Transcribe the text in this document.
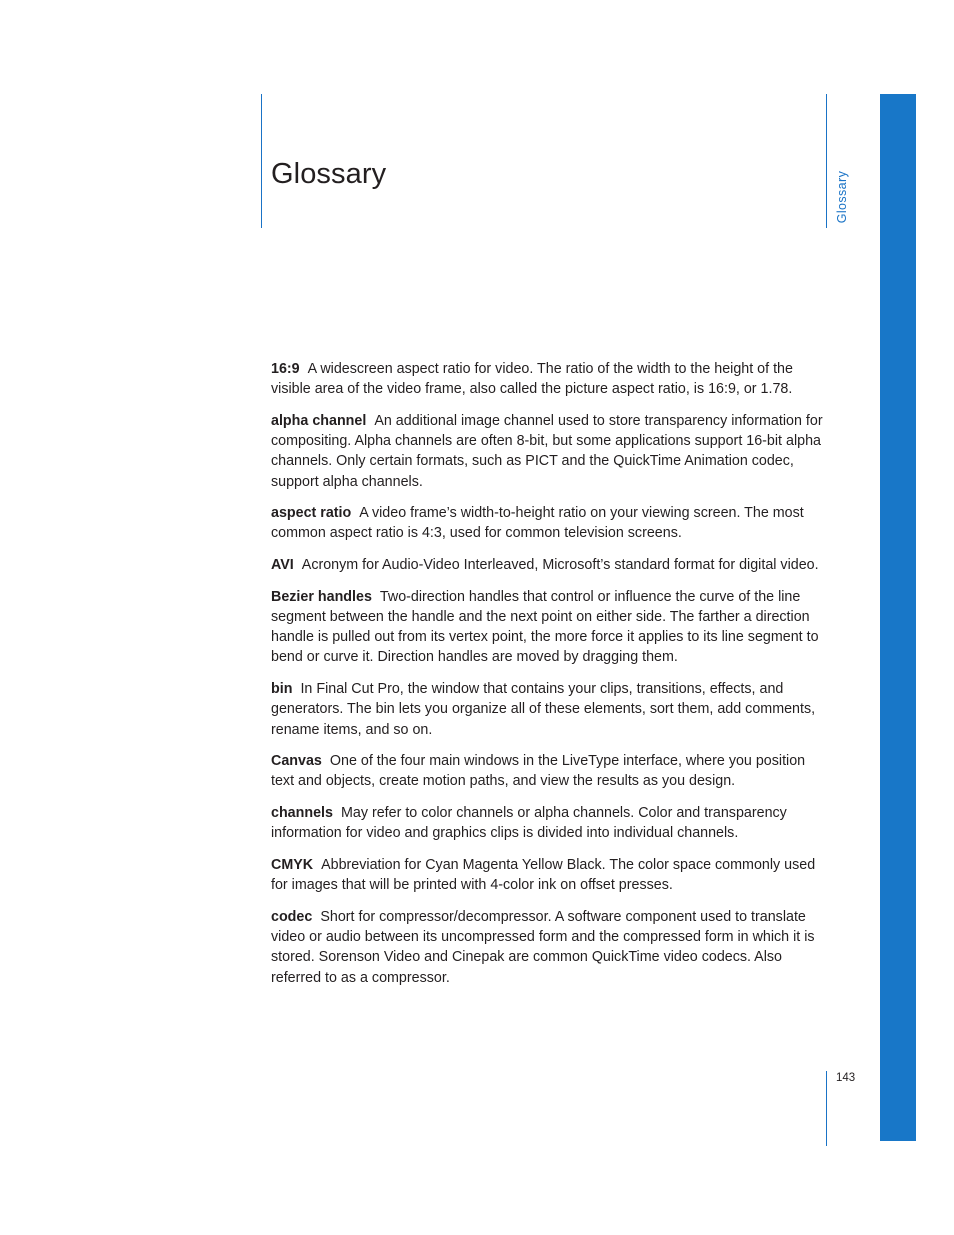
Glossary	Glossary

16:9 A widescreen aspect ratio for video. The ratio of the width to the height of the visible area of the video frame, also called the picture aspect ratio, is 16:9, or 1.78.

alpha channel An additional image channel used to store transparency information for compositing. Alpha channels are often 8-bit, but some applications support 16-bit alpha channels. Only certain formats, such as PICT and the QuickTime Animation codec, support alpha channels.

aspect ratio A video frame’s width-to-height ratio on your viewing screen. The most common aspect ratio is 4:3, used for common television screens.

AVI Acronym for Audio-Video Interleaved, Microsoft’s standard format for digital video.

Bezier handles Two-direction handles that control or influence the curve of the line segment between the handle and the next point on either side. The farther a direction handle is pulled out from its vertex point, the more force it applies to its line segment to bend or curve it. Direction handles are moved by dragging them.

bin In Final Cut Pro, the window that contains your clips, transitions, effects, and generators. The bin lets you organize all of these elements, sort them, add comments, rename items, and so on.

Canvas One of the four main windows in the LiveType interface, where you position text and objects, create motion paths, and view the results as you design.

channels May refer to color channels or alpha channels. Color and transparency information for video and graphics clips is divided into individual channels.

CMYK Abbreviation for Cyan Magenta Yellow Black. The color space commonly used for images that will be printed with 4-color ink on offset presses.

codec Short for compressor/decompressor. A software component used to translate video or audio between its uncompressed form and the compressed form in which it is stored. Sorenson Video and Cinepak are common QuickTime video codecs. Also referred to as a compressor.

143
